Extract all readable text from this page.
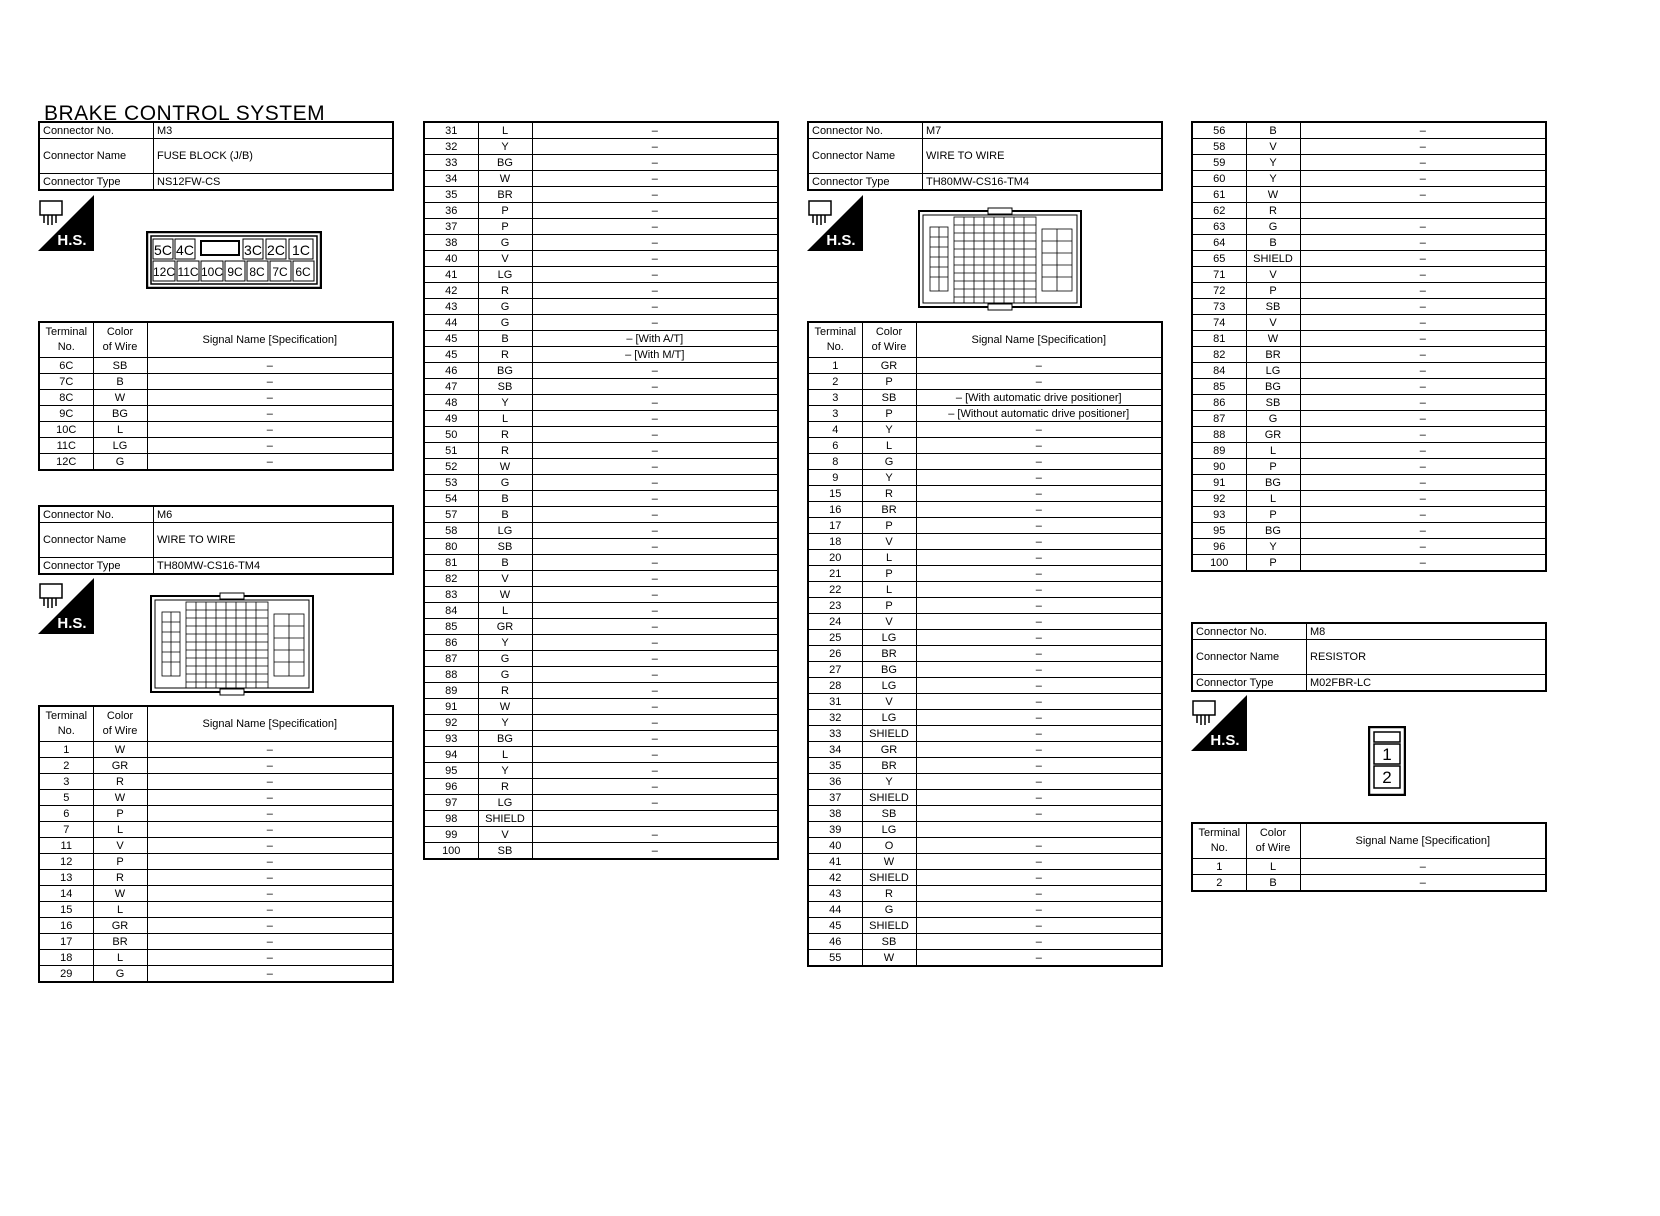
BRAKE CONTROL SYSTEM
Connector No.	M3
Connector Name	FUSE BLOCK (J/B)
Connector Type	NS12FW-CS
H.S.
5C 4C	3C 2C 1C
12C 11C 10C 9C 8C 7C 6C
Terminal
No.	Color
of Wire	Signal Name [Specification]
6C	SB	–
7C	B	–
8C	W	–
9C	BG	–
10C	L	–
11C	LG	–
12C	G	–
Connector No.	M6
Connector Name	WIRE TO WIRE
Connector Type	TH80MW-CS16-TM4
H.S.
Terminal
No.	Color
of Wire	Signal Name [Specification]
1	W	–
2	GR	–
3	R	–
5	W	–
6	P	–
7	L	–
11	V	–
12	P	–
13	R	–
14	W	–
15	L	–
16	GR	–
17	BR	–
18	L	–
29	G	–
31	L	–
32	Y	–
33	BG	–
34	W	–
35	BR	–
36	P	–
37	P	–
38	G	–
40	V	–
41	LG	–
42	R	–
43	G	–
44	G	–
45	B	– [With A/T]
45	R	– [With M/T]
46	BG	–
47	SB	–
48	Y	–
49	L	–
50	R	–
51	R	–
52	W	–
53	G	–
54	B	–
57	B	–
58	LG	–
80	SB	–
81	B	–
82	V	–
83	W	–
84	L	–
85	GR	–
86	Y	–
87	G	–
88	G	–
89	R	–
91	W	–
92	Y	–
93	BG	–
94	L	–
95	Y	–
96	R	–
97	LG	–
98	SHIELD	
99	V	–
100	SB	–
Connector No.	M7
Connector Name	WIRE TO WIRE
Connector Type	TH80MW-CS16-TM4
H.S.
Terminal
No.	Color
of Wire	Signal Name [Specification]
1	GR	–
2	P	–
3	SB	– [With automatic drive positioner]
3	P	– [Without automatic drive positioner]
4	Y	–
6	L	–
8	G	–
9	Y	–
15	R	–
16	BR	–
17	P	–
18	V	–
20	L	–
21	P	–
22	L	–
23	P	–
24	V	–
25	LG	–
26	BR	–
27	BG	–
28	LG	–
31	V	–
32	LG	–
33	SHIELD	–
34	GR	–
35	BR	–
36	Y	–
37	SHIELD	–
38	SB	–
39	LG	
40	O	–
41	W	–
42	SHIELD	–
43	R	–
44	G	–
45	SHIELD	–
46	SB	–
55	W	–
56	B	–
58	V	–
59	Y	–
60	Y	–
61	W	–
62	R	
63	G	–
64	B	–
65	SHIELD	–
71	V	–
72	P	–
73	SB	–
74	V	–
81	W	–
82	BR	–
84	LG	–
85	BG	–
86	SB	–
87	G	–
88	GR	–
89	L	–
90	P	–
91	BG	–
92	L	–
93	P	–
95	BG	–
96	Y	–
100	P	–
Connector No.	M8
Connector Name	RESISTOR
Connector Type	M02FBR-LC
H.S.
1
2
Terminal
No.	Color
of Wire	Signal Name [Specification]
1	L	–
2	B	–
